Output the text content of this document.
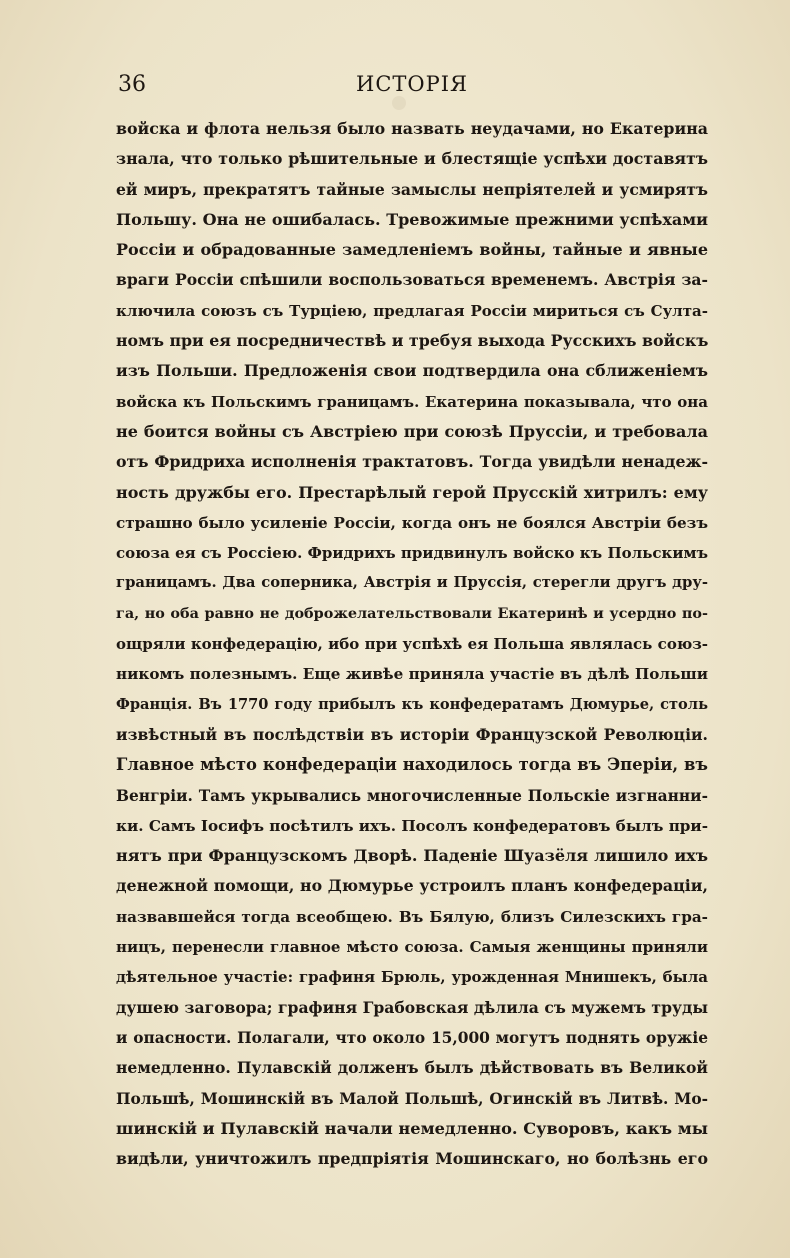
36	ИСТОРІЯ
войска и флота нельзя было назвать неудачами, но Екатерина
знала, что только рѣшительные и блестящіе успѣхи доставятъ
ей миръ, прекратятъ тайные замыслы непріятелей и усмирятъ
Польшу. Она не ошибалась. Тревожимые прежними успѣхами
Россіи и обрадованные замедленіемъ войны, тайные и явные
враги Россіи спѣшили воспользоваться временемъ. Австрія за-
ключила союзъ съ Турціею, предлагая Россіи мириться съ Султа-
номъ при ея посредничествѣ и требуя выхода Русскихъ войскъ
изъ Польши. Предложенія свои подтвердила она сближеніемъ
войска къ Польскимъ границамъ. Екатерина показывала, что она
не боится войны съ Австріею при союзѣ Пруссіи, и требовала
отъ Фридриха исполненія трактатовъ. Тогда увидѣли ненадеж-
ность дружбы его. Престарѣлый герой Прусскій хитрилъ: ему
страшно было усиленіе Россіи, когда онъ не боялся Австріи безъ
союза ея съ Россіею. Фридрихъ придвинулъ войско къ Польскимъ
границамъ. Два соперника, Австрія и Пруссія, стерегли другъ дру-
га, но оба равно не доброжелательствовали Екатеринѣ и усердно по-
ощряли конфедерацію, ибо при успѣхѣ ея Польша являлась союз-
никомъ полезнымъ. Еще живѣе приняла участіе въ дѣлѣ Польши
Франція. Въ 1770 году прибылъ къ конфедератамъ Дюмурье, столь
извѣстный въ послѣдствіи въ исторіи Французской Революціи.
Главное мѣсто конфедераціи находилось тогда въ Эперіи, въ
Венгріи. Тамъ укрывались многочисленные Польскіе изгнанни-
ки. Самъ Іосифъ посѣтилъ ихъ. Посолъ конфедератовъ былъ при-
нятъ при Французскомъ Дворѣ. Паденіе Шуазёля лишило ихъ
денежной помощи, но Дюмурье устроилъ планъ конфедераціи,
назвавшейся тогда всеобщею. Въ Бялую, близъ Силезскихъ гра-
ницъ, перенесли главное мѣсто союза. Самыя женщины приняли
дѣятельное участіе: графиня Брюль, урожденная Мнишекъ, была
душею заговора; графиня Грабовская дѣлила съ мужемъ труды
и опасности. Полагали, что около 15,000 могутъ поднять оружіе
немедленно. Пулавскій долженъ былъ дѣйствовать въ Великой
Польшѣ, Мошинскій въ Малой Польшѣ, Огинскій въ Литвѣ. Мо-
шинскій и Пулавскій начали немедленно. Суворовъ, какъ мы
видѣли, уничтожилъ предпріятія Мошинскаго, но болѣзнь его
